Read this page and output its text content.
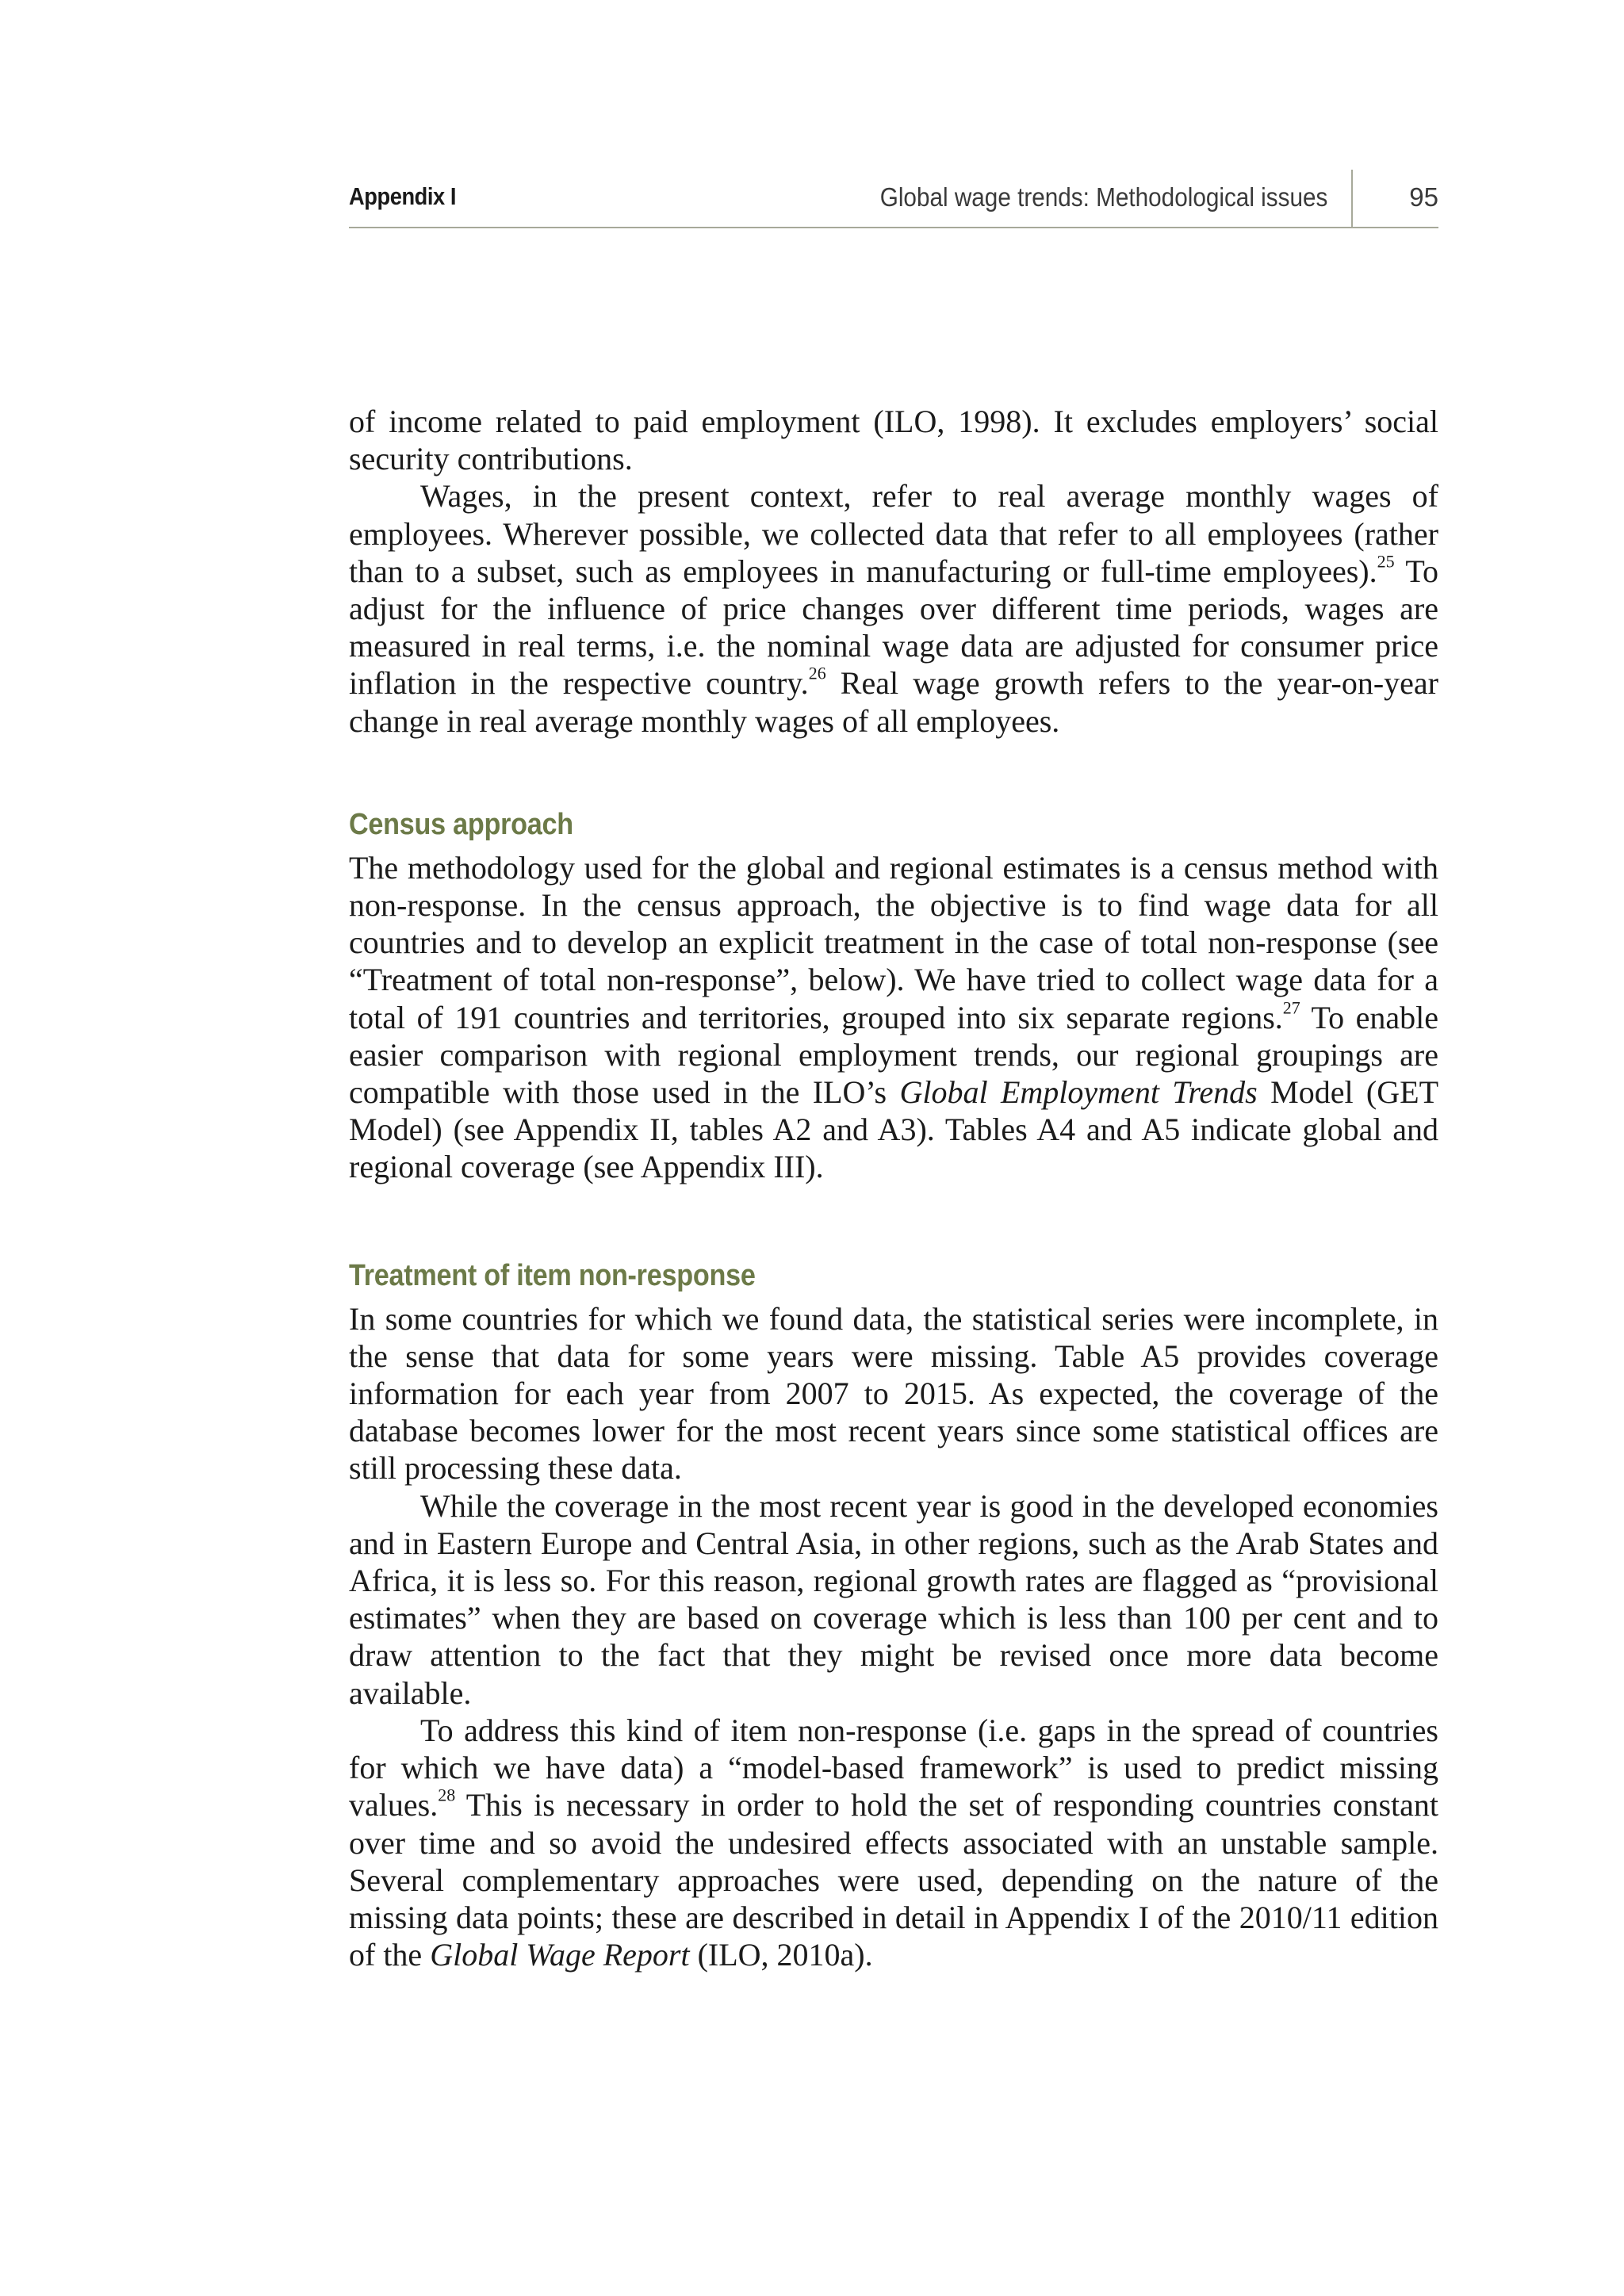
Appendix I	Global wage trends: Methodological issues	95

of income related to paid employment (ILO, 1998). It excludes employers’ social security contributions.

Wages, in the present context, refer to real average monthly wages of employees. Wherever possible, we collected data that refer to all employees (rather than to a subset, such as employees in manufacturing or full-time employees).$^{25}$ To adjust for the influence of price changes over different time periods, wages are measured in real terms, i.e. the nominal wage data are adjusted for consumer price inflation in the respective country.$^{26}$ Real wage growth refers to the year-on-year change in real average monthly wages of all employees.

Census approach

The methodology used for the global and regional estimates is a census method with non-response. In the census approach, the objective is to find wage data for all countries and to develop an explicit treatment in the case of total non-response (see “Treatment of total non-response”, below). We have tried to collect wage data for a total of 191 countries and territories, grouped into six separate regions.$^{27}$ To enable easier comparison with regional employment trends, our regional groupings are compatible with those used in the ILO’s Global Employment Trends Model (GET Model) (see Appendix II, tables A2 and A3). Tables A4 and A5 indicate global and regional coverage (see Appendix III).

Treatment of item non-response

In some countries for which we found data, the statistical series were incomplete, in the sense that data for some years were missing. Table A5 provides coverage information for each year from 2007 to 2015. As expected, the coverage of the database becomes lower for the most recent years since some statistical offices are still processing these data.

While the coverage in the most recent year is good in the developed economies and in Eastern Europe and Central Asia, in other regions, such as the Arab States and Africa, it is less so. For this reason, regional growth rates are flagged as “provisional estimates” when they are based on coverage which is less than 100 per cent and to draw attention to the fact that they might be revised once more data become available.

To address this kind of item non-response (i.e. gaps in the spread of countries for which we have data) a “model-based framework” is used to predict missing values.$^{28}$ This is necessary in order to hold the set of responding countries constant over time and so avoid the undesired effects associated with an unstable sample. Several complementary approaches were used, depending on the nature of the missing data points; these are described in detail in Appendix I of the 2010/11 edition of the Global Wage Report (ILO, 2010a).
